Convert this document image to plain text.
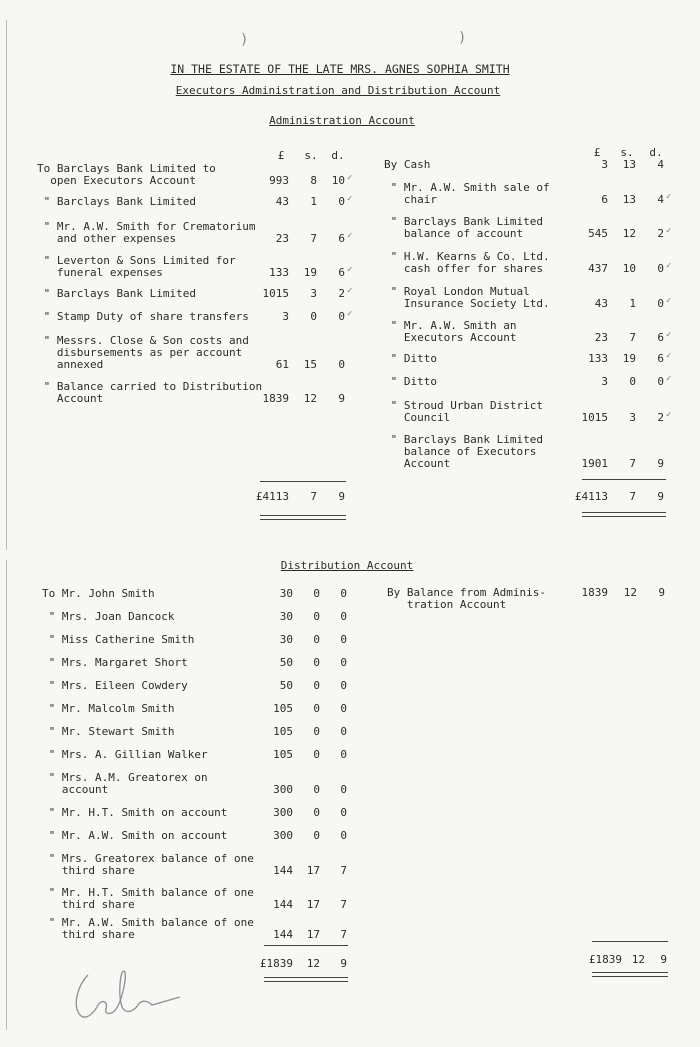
)	)
IN THE ESTATE OF THE LATE MRS. AGNES SOPHIA SMITH
Executors Administration and Distribution Account
Administration Account
Distribution Account
£ s. d.	£ s. d.
To Barclays Bank Limited to
open Executors Account	993 8 10 ✓
" Barclays Bank Limited	43 1 0 ✓
" Mr. A.W. Smith for Crematorium
and other expenses	23 7 6 ✓
" Leverton & Sons Limited for
funeral expenses	133 19 6 ✓
" Barclays Bank Limited	1015 3 2 ✓
" Stamp Duty of share transfers	3 0 0 ✓
" Messrs. Close & Son costs and
disbursements as per account
annexed	61 15 0
" Balance carried to Distribution
Account	1839 12 9
By Cash	3 13 4
" Mr. A.W. Smith sale of
chair	6 13 4 ✓
" Barclays Bank Limited
balance of account	545 12 2 ✓
" H.W. Kearns & Co. Ltd.
cash offer for shares	437 10 0 ✓
" Royal London Mutual
Insurance Society Ltd.	43 1 0 ✓
" Mr. A.W. Smith an
Executors Account	23 7 6 ✓
" Ditto	133 19 6 ✓
" Ditto	3 0 0 ✓
" Stroud Urban District
Council	1015 3 2 ✓
" Barclays Bank Limited
balance of Executors
Account	1901 7 9
To Mr. John Smith	30 0 0
" Mrs. Joan Dancock	30 0 0
" Miss Catherine Smith	30 0 0
" Mrs. Margaret Short	50 0 0
" Mrs. Eileen Cowdery	50 0 0
" Mr. Malcolm Smith	105 0 0
" Mr. Stewart Smith	105 0 0
" Mrs. A. Gillian Walker	105 0 0
" Mrs. A.M. Greatorex on
account	300 0 0
" Mr. H.T. Smith on account	300 0 0
" Mr. A.W. Smith on account	300 0 0
" Mrs. Greatorex balance of one
third share	144 17 7
" Mr. H.T. Smith balance of one
third share	144 17 7
" Mr. A.W. Smith balance of one
third share	144 17 7
By Balance from Adminis-
tration Account
1839 12 9
£4113 7 9	£4113 7 9
£1839 12 9	£1839 12 9
